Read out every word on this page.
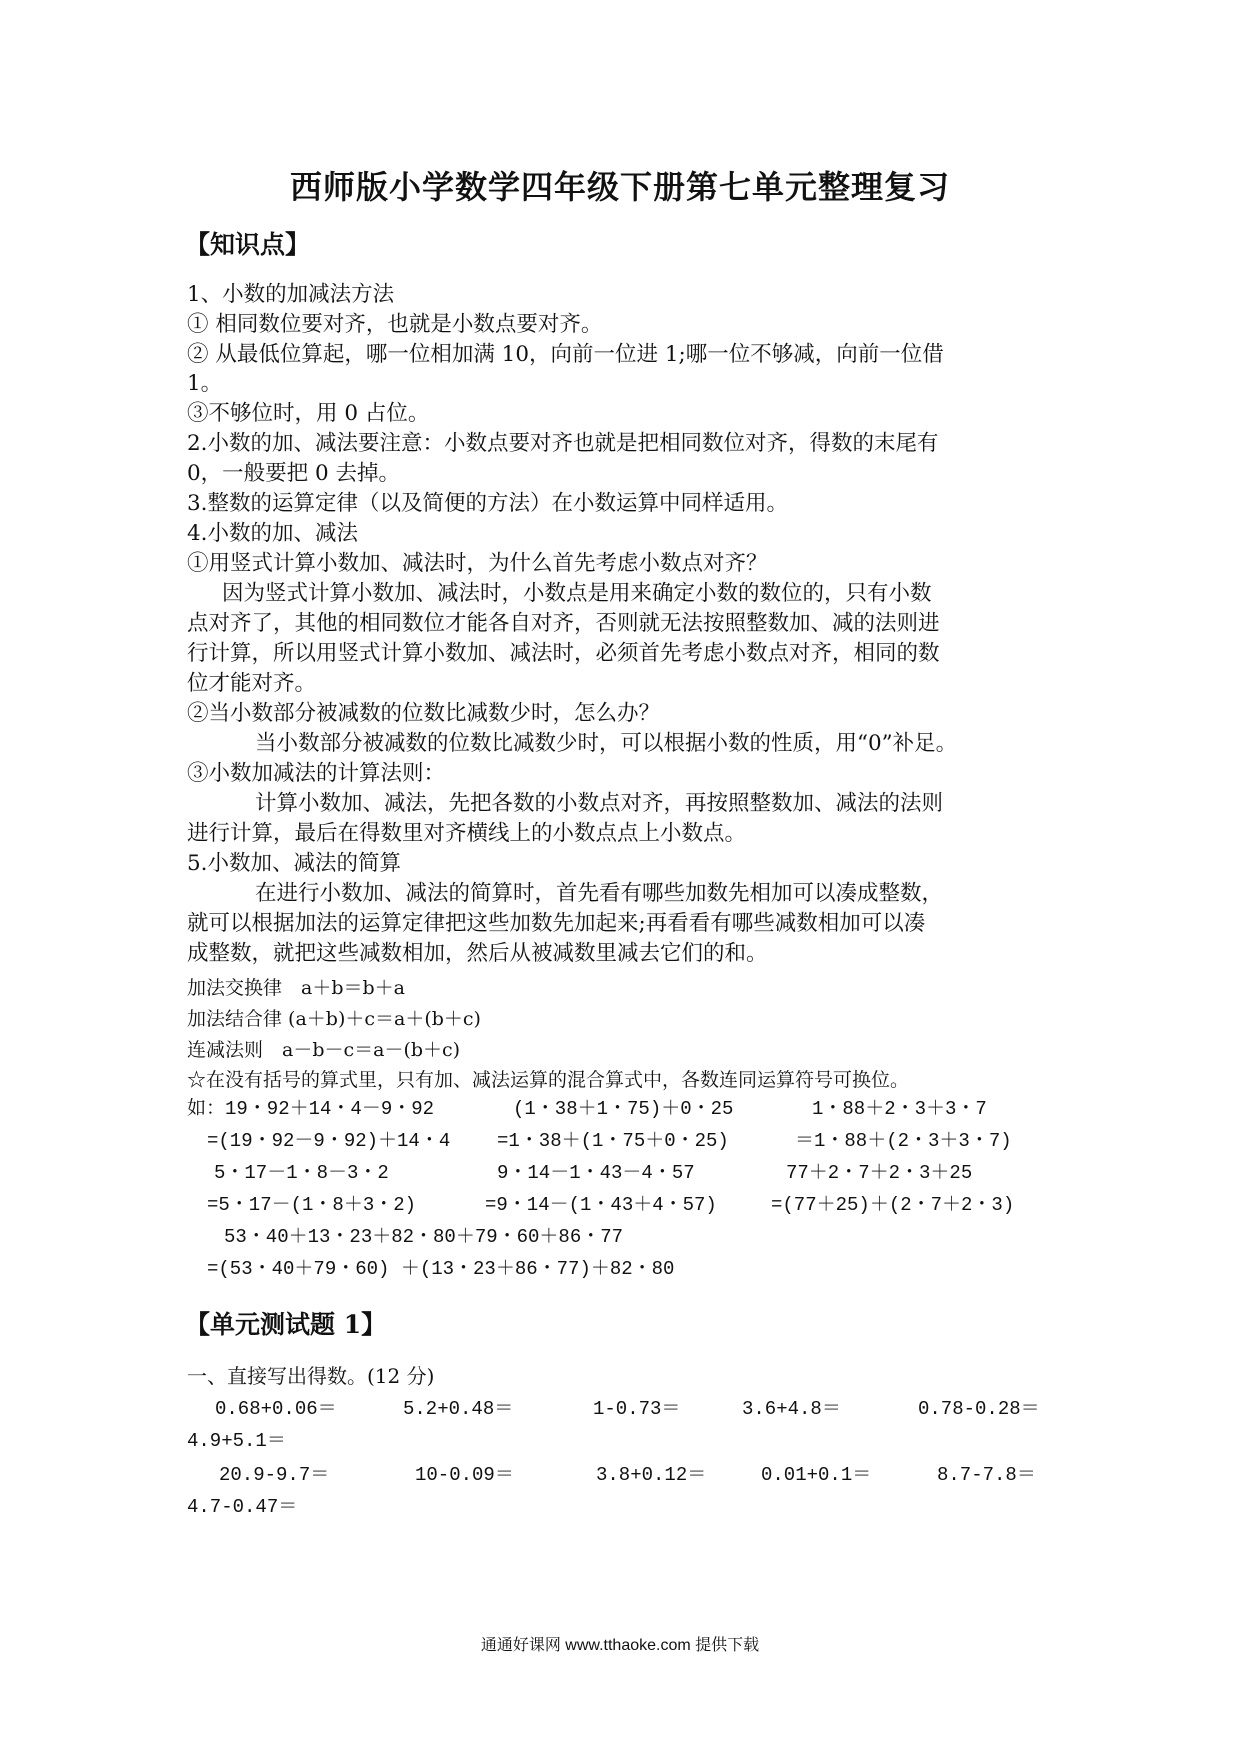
西师版小学数学四年级下册第七单元整理复习
【知识点】
1、小数的加减法方法
① 相同数位要对齐，也就是小数点要对齐。
② 从最低位算起，哪一位相加满 10，向前一位进 1;哪一位不够减，向前一位借
1。
③不够位时，用 0 占位。
2.小数的加、减法要注意：小数点要对齐也就是把相同数位对齐，得数的末尾有
0，一般要把 0 去掉。
3.整数的运算定律（以及简便的方法）在小数运算中同样适用。
4.小数的加、减法
①用竖式计算小数加、减法时，为什么首先考虑小数点对齐？
因为竖式计算小数加、减法时，小数点是用来确定小数的数位的，只有小数
点对齐了，其他的相同数位才能各自对齐，否则就无法按照整数加、减的法则进
行计算，所以用竖式计算小数加、减法时，必须首先考虑小数点对齐，相同的数
位才能对齐。
②当小数部分被减数的位数比减数少时，怎么办？
当小数部分被减数的位数比减数少时，可以根据小数的性质，用“0”补足。
③小数加减法的计算法则：
计算小数加、减法，先把各数的小数点对齐，再按照整数加、减法的法则
进行计算，最后在得数里对齐横线上的小数点点上小数点。
5.小数加、减法的简算
在进行小数加、减法的简算时，首先看有哪些加数先相加可以凑成整数，
就可以根据加法的运算定律把这些加数先加起来;再看看有哪些减数相加可以凑
成整数，就把这些减数相加，然后从被减数里减去它们的和。
加法交换律　a＋b＝b＋a
加法结合律 (a＋b)＋c＝a＋(b＋c)
连减法则　a－b－c＝a－(b＋c)
☆在没有括号的算式里，只有加、减法运算的混合算式中，各数连同运算符号可换位。
如：19・92＋14・4－9・92	(1・38＋1・75)＋0・25	1・88＋2・3＋3・7
=(19・92－9・92)＋14・4 =1・38＋(1・75＋0・25)	＝1・88＋(2・3＋3・7)
5・17－1・8－3・2	9・14－1・43－4・57	77＋2・7＋2・3＋25
=5・17－(1・8＋3・2)	=9・14－(1・43＋4・57)	=(77＋25)＋(2・7＋2・3)
53・40＋13・23＋82・80＋79・60＋86・77
=(53・40＋79・60) ＋(13・23＋86・77)＋82・80
【单元测试题 1】
一、直接写出得数。(12 分)
0.68+0.06＝	5.2+0.48＝	1-0.73＝	3.6+4.8＝	0.78-0.28＝
4.9+5.1＝
20.9-9.7＝	10-0.09＝	3.8+0.12＝	0.01+0.1＝	8.7-7.8＝
4.7-0.47＝
通通好课网 www.tthaoke.com 提供下载
